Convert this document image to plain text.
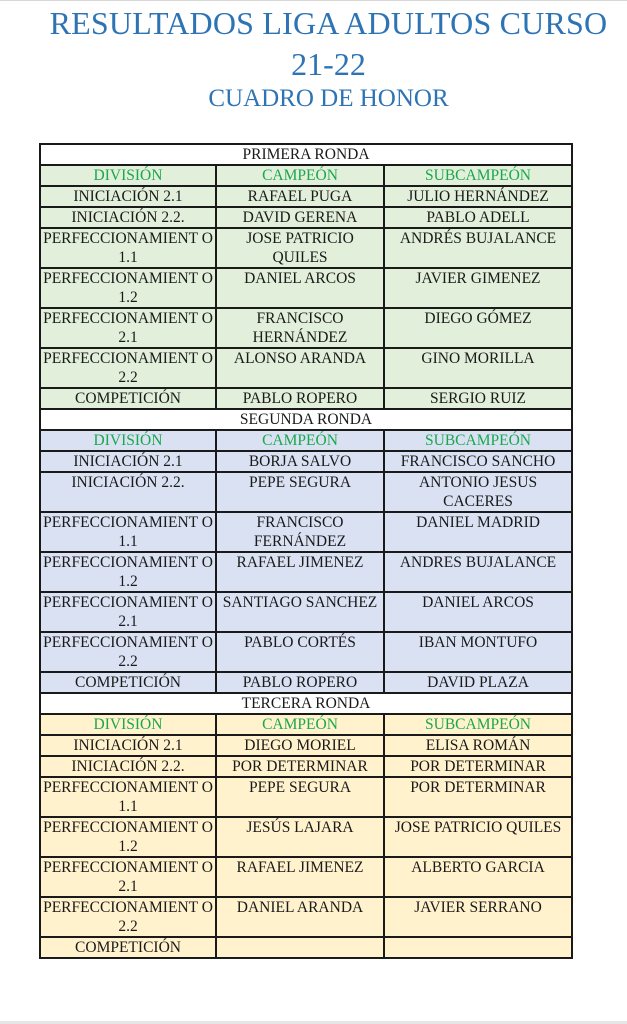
RESULTADOS LIGA ADULTOS CURSO
21-22
CUADRO DE HONOR
PRIMERA RONDA		
DIVISIÓN	CAMPEÓN	SUBCAMPEÓN
INICIACIÓN 2.1	RAFAEL PUGA	JULIO HERNÁNDEZ
INICIACIÓN 2.2.	DAVID GERENA	PABLO ADELL
PERFECCIONAMIENT O 1.1	JOSE PATRICIO QUILES	ANDRÉS BUJALANCE
PERFECCIONAMIENT O 1.2	DANIEL ARCOS	JAVIER GIMENEZ
PERFECCIONAMIENT O 2.1	FRANCISCO HERNÁNDEZ	DIEGO GÓMEZ
PERFECCIONAMIENT O 2.2	ALONSO ARANDA	GINO MORILLA
COMPETICIÓN	PABLO ROPERO	SERGIO RUIZ
SEGUNDA RONDA		
DIVISIÓN	CAMPEÓN	SUBCAMPEÓN
INICIACIÓN 2.1	BORJA SALVO	FRANCISCO SANCHO
INICIACIÓN 2.2.	PEPE SEGURA	ANTONIO JESUS CACERES
PERFECCIONAMIENT O 1.1	FRANCISCO FERNÁNDEZ	DANIEL MADRID
PERFECCIONAMIENT O 1.2	RAFAEL JIMENEZ	ANDRES BUJALANCE
PERFECCIONAMIENT O 2.1	SANTIAGO SANCHEZ	DANIEL ARCOS
PERFECCIONAMIENT O 2.2	PABLO CORTÉS	IBAN MONTUFO
COMPETICIÓN	PABLO ROPERO	DAVID PLAZA
TERCERA RONDA		
DIVISIÓN	CAMPEÓN	SUBCAMPEÓN
INICIACIÓN 2.1	DIEGO MORIEL	ELISA ROMÁN
INICIACIÓN 2.2.	POR DETERMINAR	POR DETERMINAR
PERFECCIONAMIENT O 1.1	PEPE SEGURA	POR DETERMINAR
PERFECCIONAMIENT O 1.2	JESÚS LAJARA	JOSE PATRICIO QUILES
PERFECCIONAMIENT O 2.1	RAFAEL JIMENEZ	ALBERTO GARCIA
PERFECCIONAMIENT O 2.2	DANIEL ARANDA	JAVIER SERRANO
COMPETICIÓN		
